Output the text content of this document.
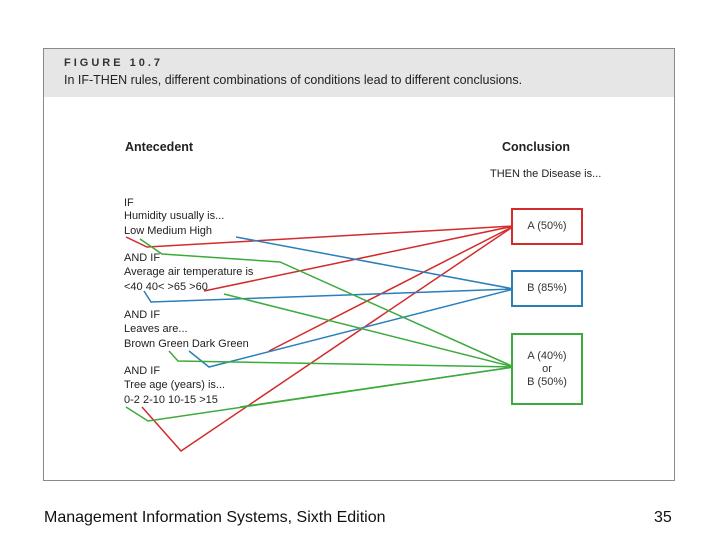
FIGURE 10.7
In IF-THEN rules, different combinations of conditions lead to different conclusions.
Antecedent	Conclusion
THEN the Disease is...
IF
Humidity usually is...
Low Medium High
AND IF
Average air temperature is
<40 40< >65 >60
AND IF
Leaves are...
Brown Green Dark Green
AND IF
Tree age (years) is...
0-2 2-10 10-15 >15
A (50%)
B (85%)
A (40%)
or
B (50%)
Management Information Systems, Sixth Edition	35
